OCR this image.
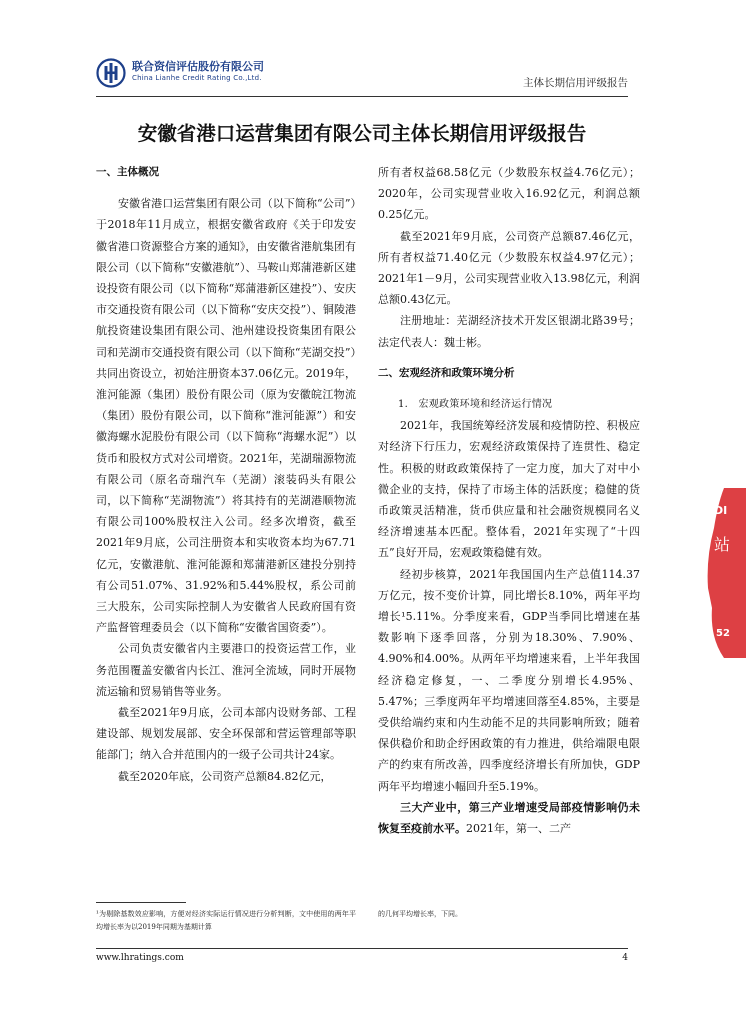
联合资信评估股份有限公司
China Lianhe Credit Rating Co.,Ltd.	主体长期信用评级报告
安徽省港口运营集团有限公司主体长期信用评级报告
一、主体概况

安徽省港口运营集团有限公司（以下简称“公司”）于2018年11月成立，根据安徽省政府《关于印发安徽省港口资源整合方案的通知》，由安徽省港航集团有限公司（以下简称“安徽港航”）、马鞍山郑蒲港新区建设投资有限公司（以下简称“郑蒲港新区建投”）、安庆市交通投资有限公司（以下简称“安庆交投”）、铜陵港航投资建设集团有限公司、池州建设投资集团有限公司和芜湖市交通投资有限公司（以下简称“芜湖交投”）共同出资设立，初始注册资本37.06亿元。2019年，淮河能源（集团）股份有限公司（原为安徽皖江物流（集团）股份有限公司，以下简称“淮河能源”）和安徽海螺水泥股份有限公司（以下简称“海螺水泥”）以货币和股权方式对公司增资。2021年，芜湖瑞源物流有限公司（原名奇瑞汽车（芜湖）滚装码头有限公司，以下简称“芜湖物流”）将其持有的芜湖港顺物流有限公司100%股权注入公司。经多次增资，截至2021年9月底，公司注册资本和实收资本均为67.71亿元，安徽港航、淮河能源和郑蒲港新区建投分别持有公司51.07%、31.92%和5.44%股权，系公司前三大股东，公司实际控制人为安徽省人民政府国有资产监督管理委员会（以下简称“安徽省国资委”）。

公司负责安徽省内主要港口的投资运营工作，业务范围覆盖安徽省内长江、淮河全流域，同时开展物流运输和贸易销售等业务。

截至2021年9月底，公司本部内设财务部、工程建设部、规划发展部、安全环保部和营运管理部等职能部门；纳入合并范围内的一级子公司共计24家。

截至2020年底，公司资产总额84.82亿元，

所有者权益68.58亿元（少数股东权益4.76亿元）；2020年，公司实现营业收入16.92亿元，利润总额0.25亿元。

截至2021年9月底，公司资产总额87.46亿元，所有者权益71.40亿元（少数股东权益4.97亿元）；2021年1－9月，公司实现营业收入13.98亿元，利润总额0.43亿元。

注册地址：芜湖经济技术开发区银湖北路39号；法定代表人：魏士彬。

二、宏观经济和政策环境分析
1.　宏观政策环境和经济运行情况

2021年，我国统筹经济发展和疫情防控、积极应对经济下行压力，宏观经济政策保持了连贯性、稳定性。积极的财政政策保持了一定力度，加大了对中小微企业的支持，保持了市场主体的活跃度；稳健的货币政策灵活精准，货币供应量和社会融资规模同名义经济增速基本匹配。整体看，2021年实现了“十四五”良好开局，宏观政策稳健有效。

经初步核算，2021年我国国内生产总值114.37万亿元，按不变价计算，同比增长8.10%，两年平均增长¹5.11%。分季度来看，GDP当季同比增速在基数影响下逐季回落，分别为18.30%、7.90%、4.90%和4.00%。从两年平均增速来看，上半年我国经济稳定修复，一、二季度分别增长4.95%、5.47%；三季度两年平均增速回落至4.85%，主要是受供给端约束和内生动能不足的共同影响所致；随着保供稳价和助企纾困政策的有力推进，供给端限电限产的约束有所改善，四季度经济增长有所加快，GDP两年平均增速小幅回升至5.19%。

三大产业中，第三产业增速受局部疫情影响仍未恢复至疫前水平。2021年，第一、二产

¹为剔除基数效应影响，方便对经济实际运行情况进行分析判断，文中使用的两年平均增长率为以2019年同期为基期计算
的几何平均增长率，下同。
www.lhratings.com	4
DI
站
52
